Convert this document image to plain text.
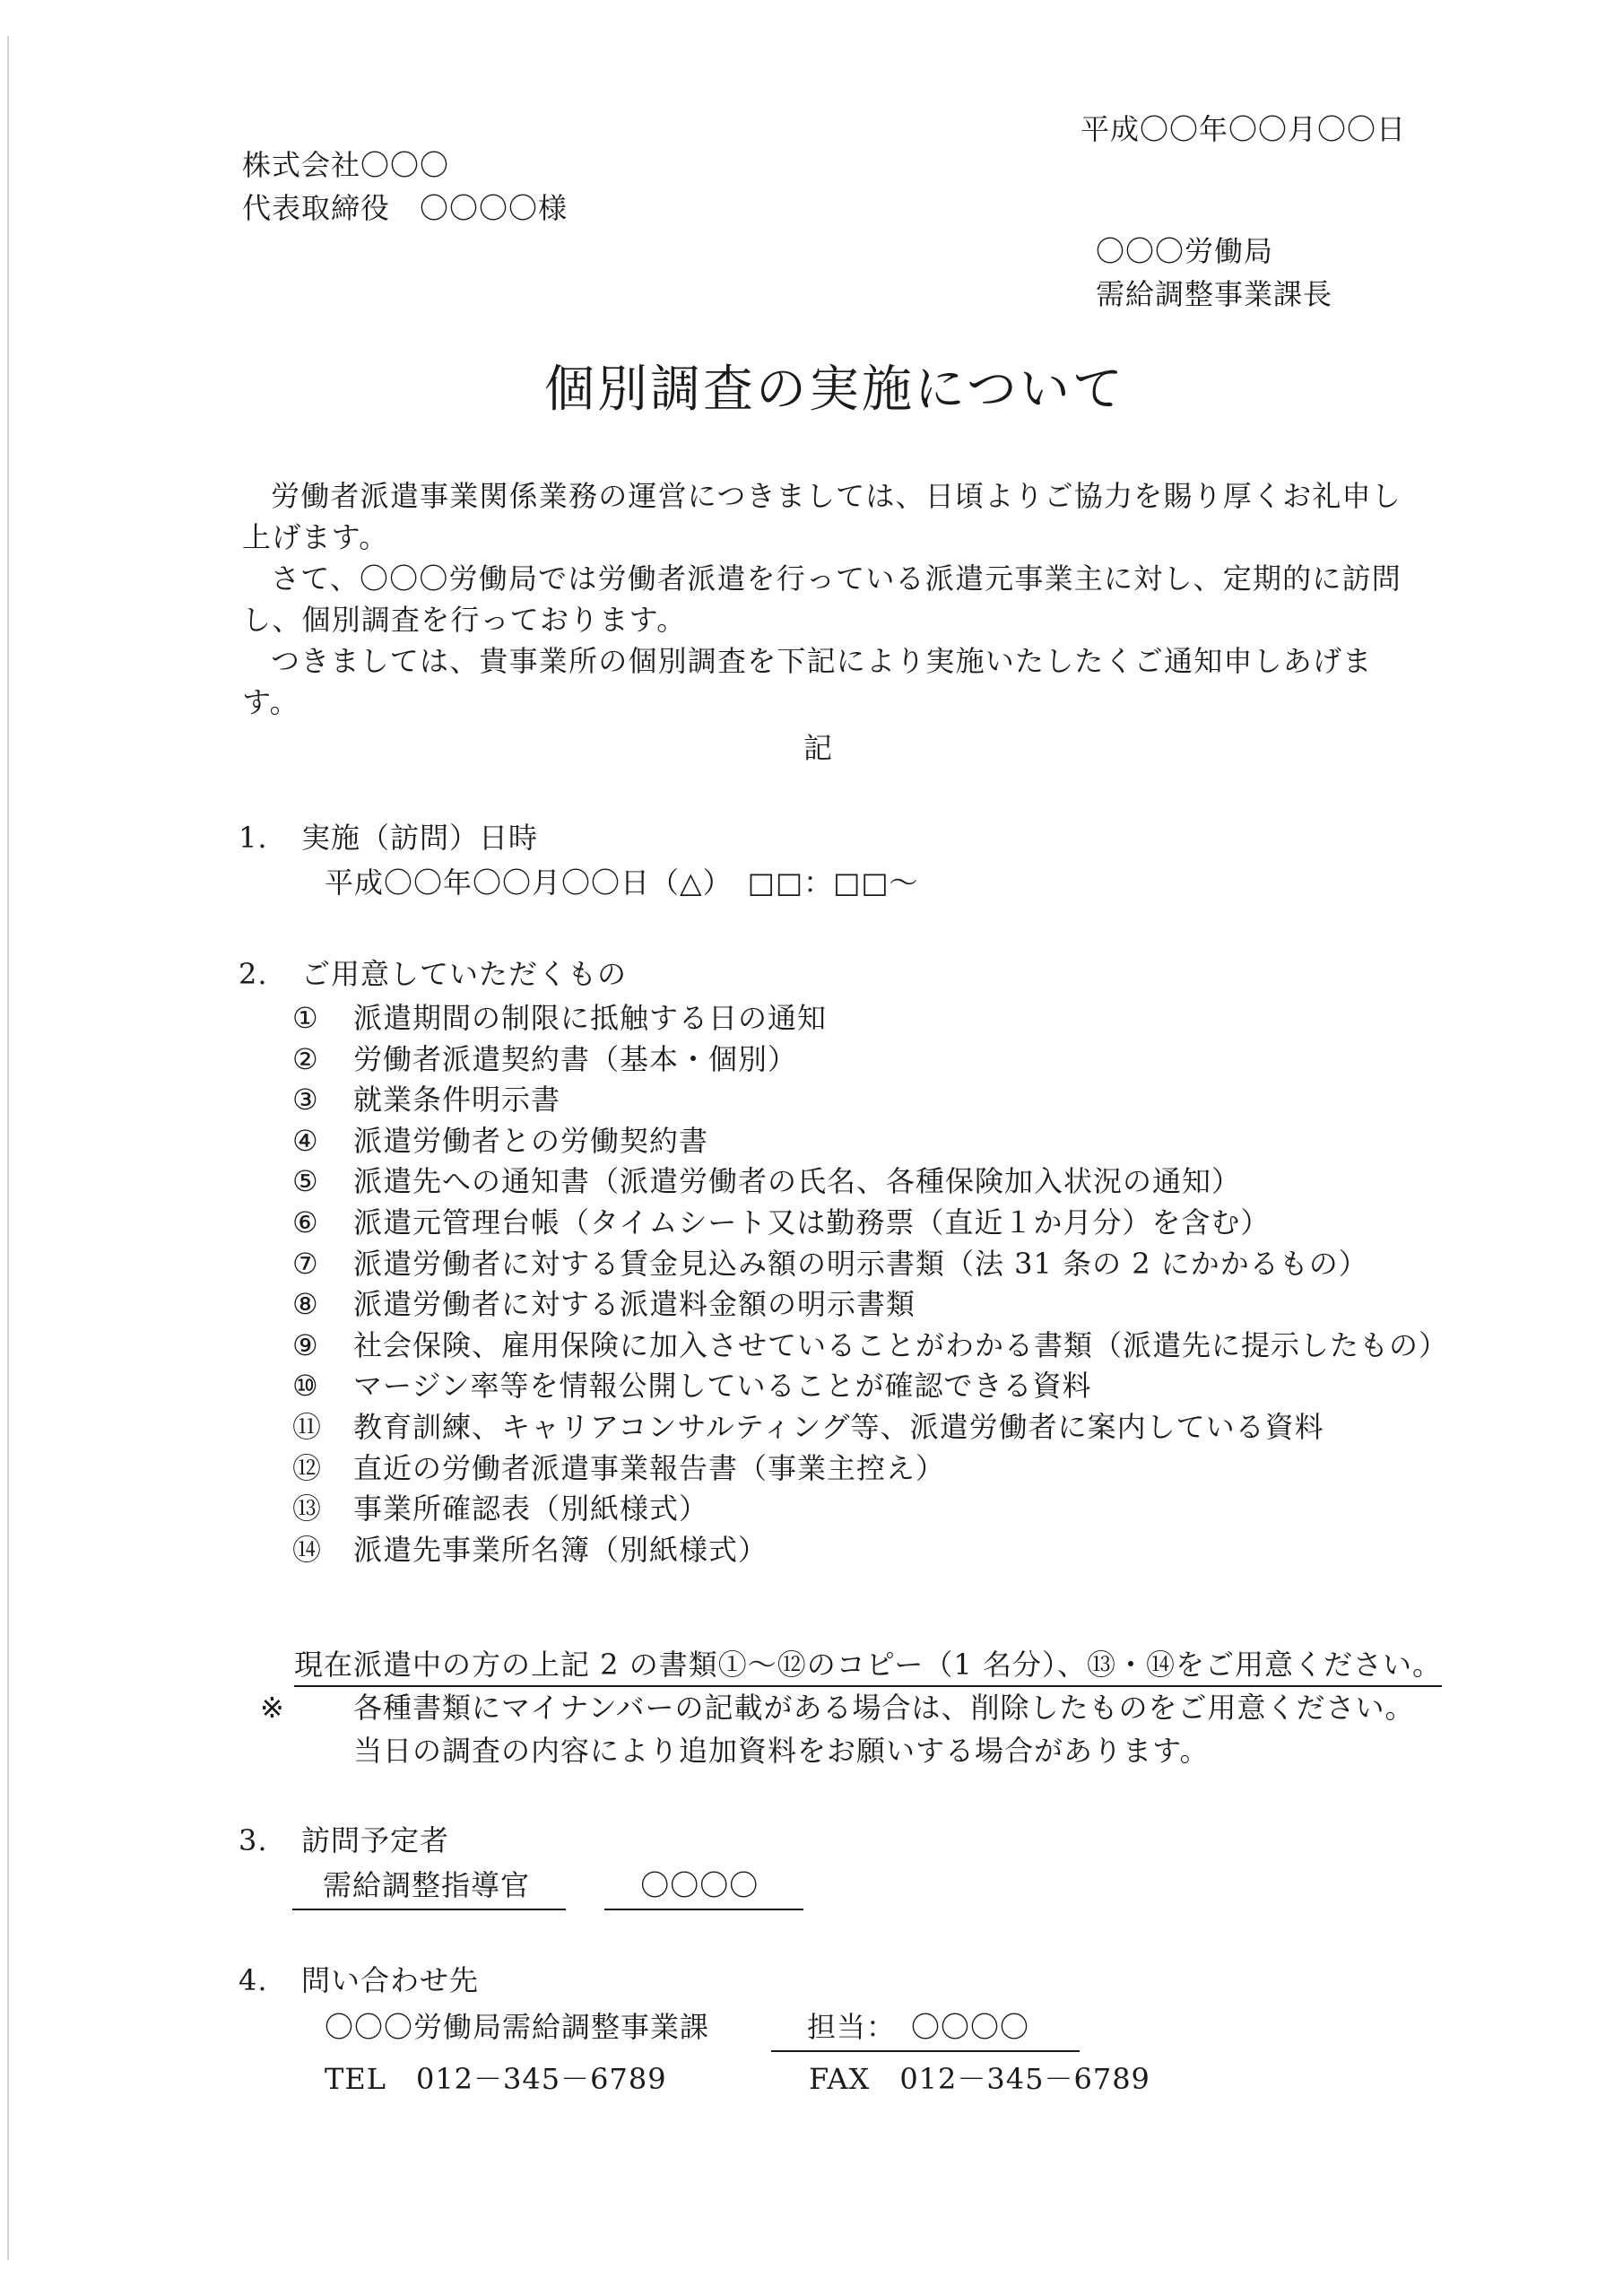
平成〇〇年〇〇月〇〇日
株式会社〇〇〇
代表取締役　〇〇〇〇様
〇〇〇労働局
需給調整事業課長
個別調査の実施について

労働者派遣事業関係業務の運営につきましては、日頃よりご協力を賜り厚くお礼申し上げます。

さて、〇〇〇労働局では労働者派遣を行っている派遣元事業主に対し、定期的に訪問し、個別調査を行っております。

つきましては、貴事業所の個別調査を下記により実施いたしたくご通知申しあげます。

記
1.	実施（訪問）日時
平成〇〇年〇〇月〇〇日（△）　□□：□□～
2.	ご用意していただくもの
①	派遣期間の制限に抵触する日の通知
②	労働者派遣契約書（基本・個別）
③	就業条件明示書
④	派遣労働者との労働契約書
⑤	派遣先への通知書（派遣労働者の氏名、各種保険加入状況の通知）
⑥	派遣元管理台帳（タイムシート又は勤務票（直近１か月分）を含む）
⑦	派遣労働者に対する賃金見込み額の明示書類（法 31 条の 2 にかかるもの）
⑧	派遣労働者に対する派遣料金額の明示書類
⑨	社会保険、雇用保険に加入させていることがわかる書類（派遣先に提示したもの）
⑩	マージン率等を情報公開していることが確認できる資料
⑪	教育訓練、キャリアコンサルティング等、派遣労働者に案内している資料
⑫	直近の労働者派遣事業報告書（事業主控え）
⑬	事業所確認表（別紙様式）
⑭	派遣先事業所名簿（別紙様式）
現在派遣中の方の上記 2 の書類①～⑫のコピー（1 名分）、⑬・⑭をご用意ください。
※ 各種書類にマイナンバーの記載がある場合は、削除したものをご用意ください。
当日の調査の内容により追加資料をお願いする場合があります。
3.	訪問予定者
需給調整指導官	〇〇〇〇
4.	問い合わせ先
〇〇〇労働局需給調整事業課	担当：　〇〇〇〇
TEL　012－345－6789	FAX　012－345－6789
